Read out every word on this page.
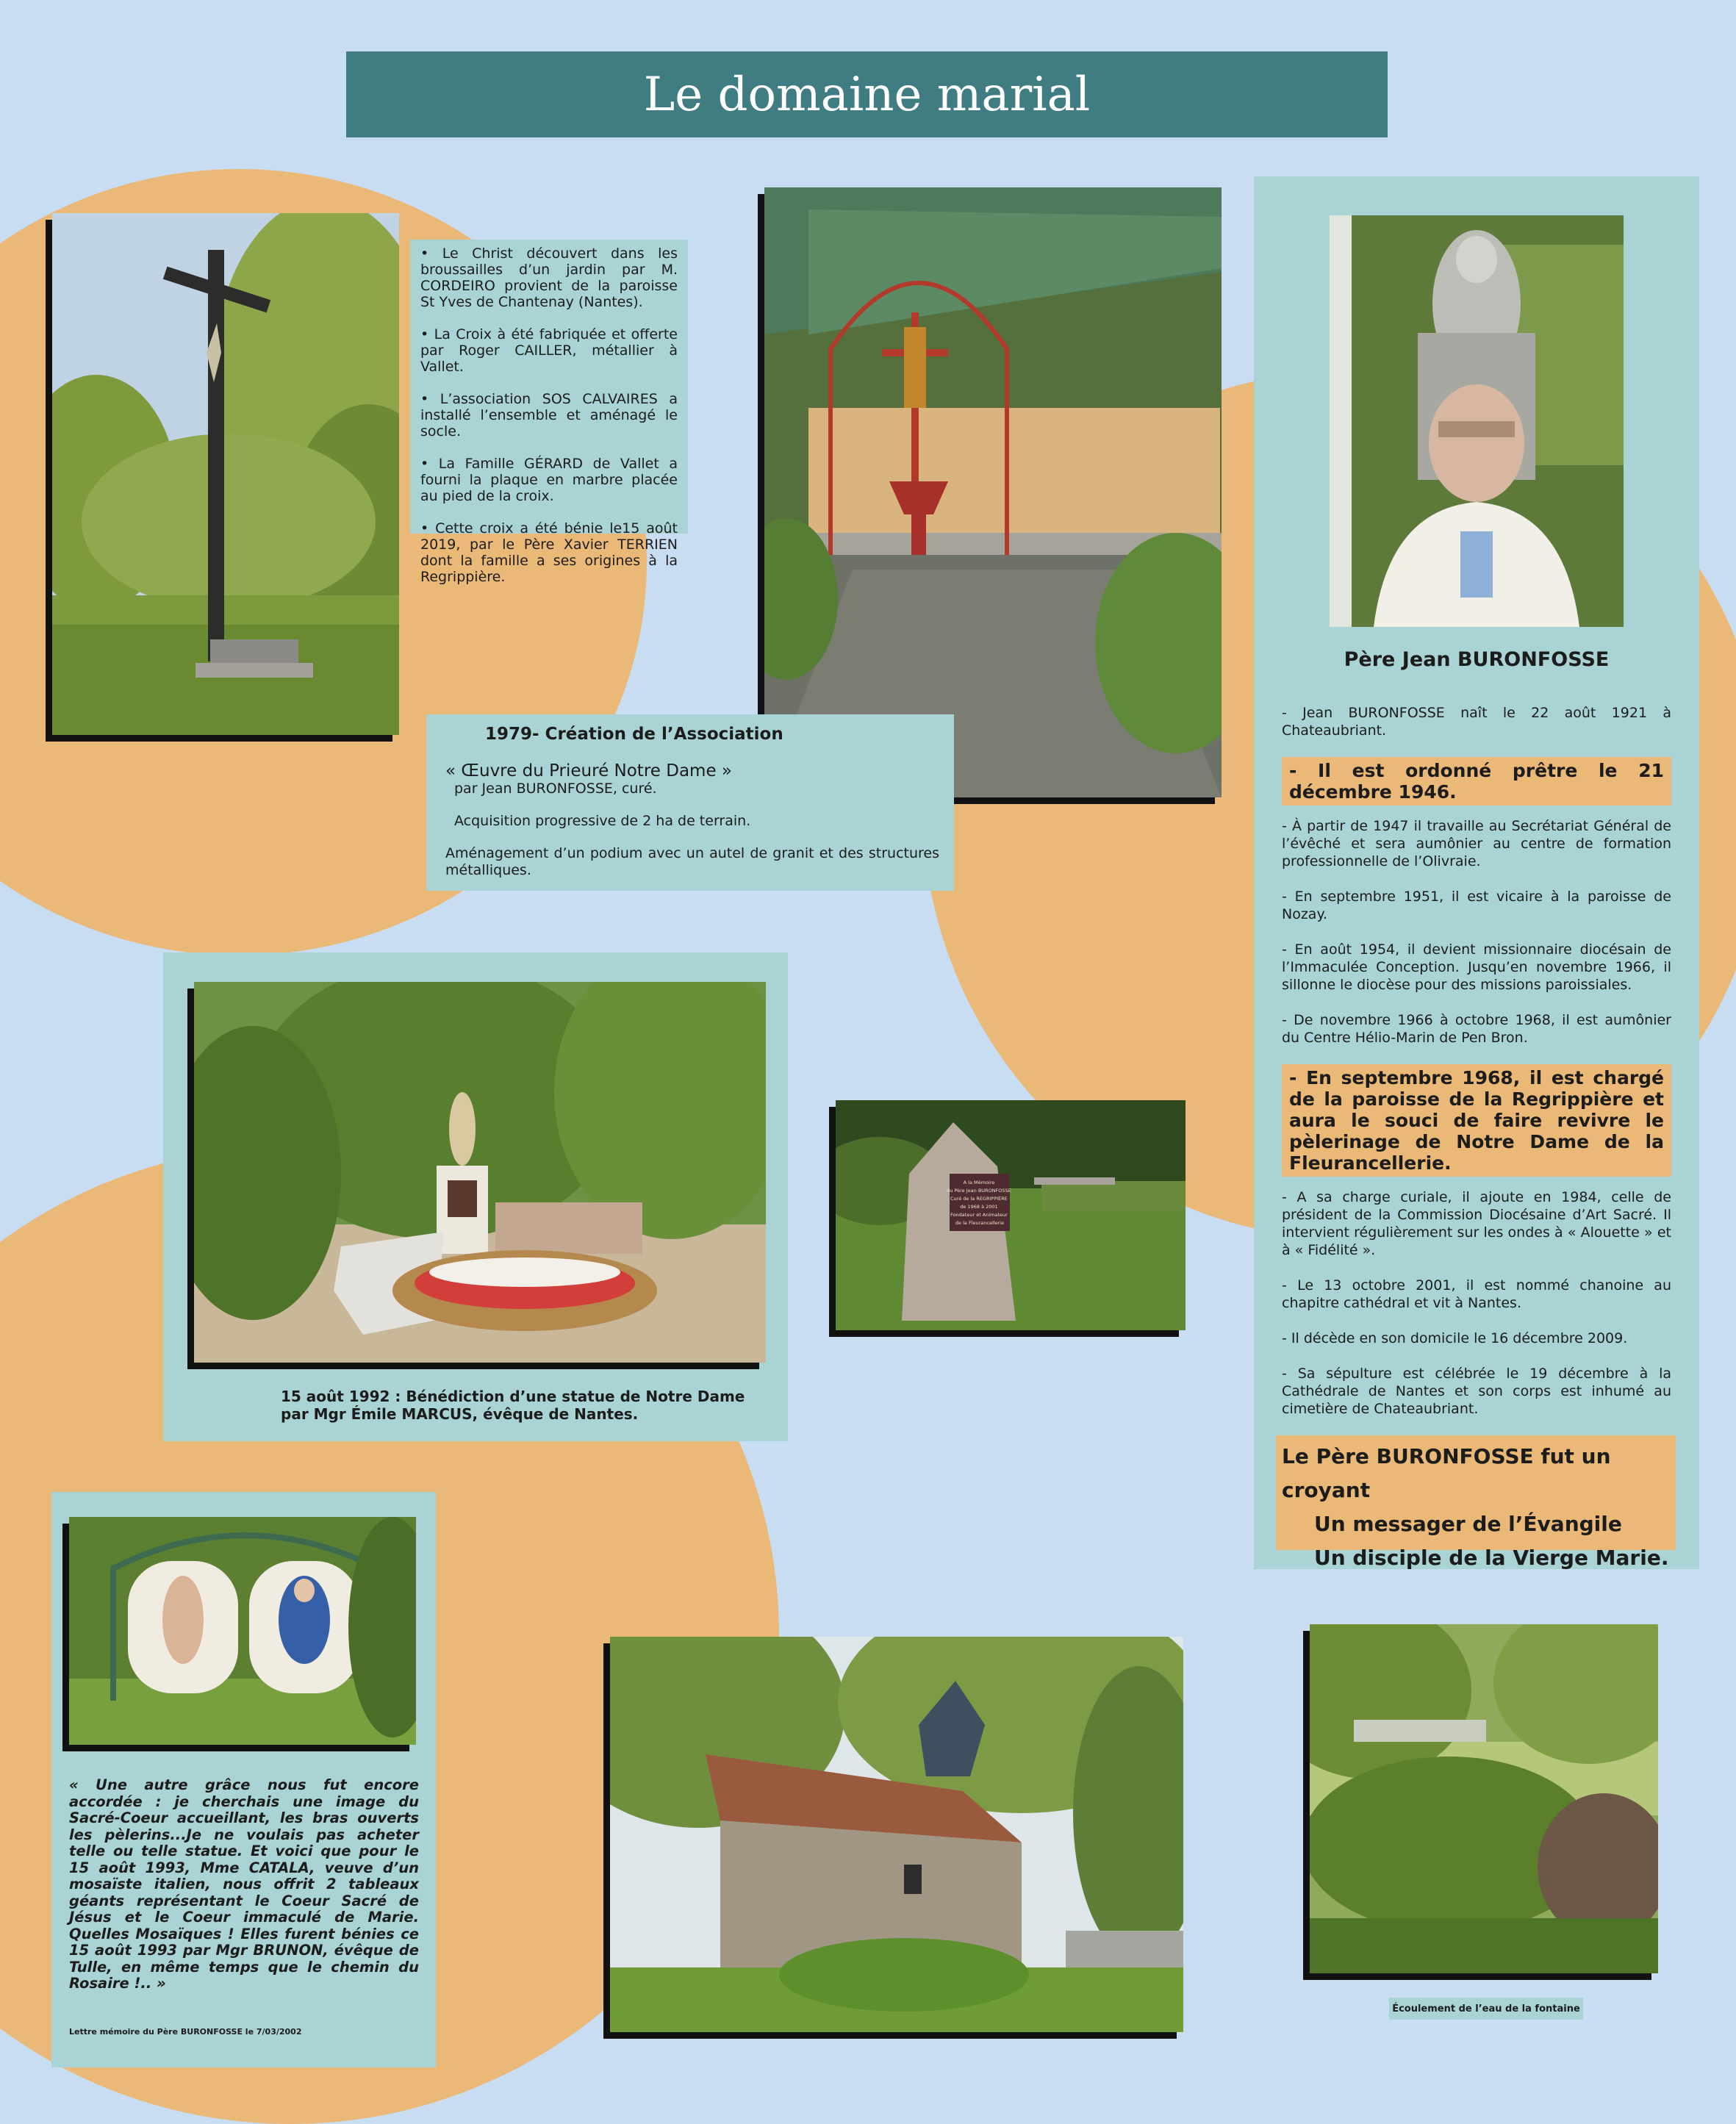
Le domaine marial

• Le Christ découvert dans les broussailles d’un jardin par M. CORDEIRO provient de la paroisse St Yves de Chantenay (Nantes).

• La Croix à été fabriquée et offerte par Roger CAILLER, métallier à Vallet.

• L’association SOS CALVAIRES a installé l’ensemble et aménagé le socle.

• La Famille GÉRARD de Vallet a fourni la plaque en marbre placée au pied de la croix.

• Cette croix a été bénie le15 août 2019, par le Père Xavier TERRIEN dont la famille a ses origines à la Regrippière.

1979- Création de l’Association
« Œuvre du Prieuré Notre Dame »
par Jean BURONFOSSE, curé.
Acquisition progressive de 2 ha de terrain.
Aménagement d’un podium avec un autel de granit et des structures métalliques.
Père Jean BURONFOSSE

- Jean BURONFOSSE naît le 22 août 1921 à Chateaubriant.

- Il est ordonné prêtre le 21 décembre 1946.

- À partir de 1947 il travaille au Secrétariat Général de l’évêché et sera aumônier au centre de formation professionnelle de l’Olivraie.

- En septembre 1951, il est vicaire à la paroisse de Nozay.

- En août 1954, il devient missionnaire diocésain de l’Immaculée Conception. Jusqu’en novembre 1966, il sillonne le diocèse pour des missions paroissiales.

- De novembre 1966 à octobre 1968, il est aumônier du Centre Hélio-Marin de Pen Bron.

- En septembre 1968, il est chargé de la paroisse de la Regrippière et aura le souci de faire revivre le pèlerinage de Notre Dame de la Fleurancellerie.

- A sa charge curiale, il ajoute en 1984, celle de président de la Commission Diocésaine d’Art Sacré. Il intervient régulièrement sur les ondes à « Alouette » et à « Fidélité ».

- Le 13 octobre 2001, il est nommé chanoine au chapitre cathédral et vit à Nantes.

- Il décède en son domicile le 16 décembre 2009.

- Sa sépulture est célébrée le 19 décembre à la Cathédrale de Nantes et son corps est inhumé au cimetière de Chateaubriant.

Le Père BURONFOSSE fut un croyant
Un messager de l’Évangile
Un disciple de la Vierge Marie.
15 août 1992 : Bénédiction d’une statue de Notre Dame
par Mgr Émile MARCUS, évêque de Nantes.
A la Mémoire du Père Jean BURONFOSSE Curé de la REGRIPPIÈRE de 1968 à 2001 Fondateur et Animateur de la Fleurancellerie
« Une autre grâce nous fut encore accordée : je cherchais une image du Sacré-Coeur accueillant, les bras ouverts les pèlerins...Je ne voulais pas acheter telle ou telle statue. Et voici que pour le 15 août 1993, Mme CATALA, veuve d’un mosaïste italien, nous offrit 2 tableaux géants représentant le Coeur Sacré de Jésus et le Coeur immaculé de Marie. Quelles Mosaïques ! Elles furent bénies ce 15 août 1993 par Mgr BRUNON, évêque de Tulle, en même temps que le chemin du Rosaire !.. »
Lettre mémoire du Père BURONFOSSE le 7/03/2002
Écoulement de l’eau de la fontaine
